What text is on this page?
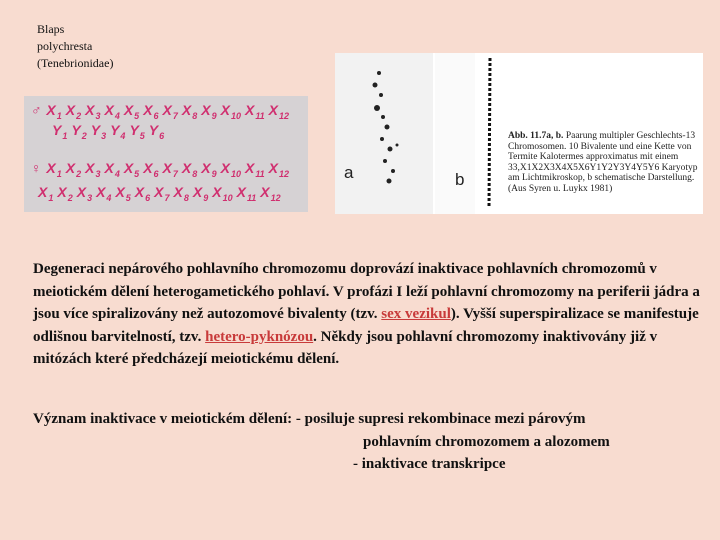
Blaps
polychresta
(Tenebrionidae)
♂ $X_1$ $X_2$ $X_3$ $X_4$ $X_5$ $X_6$ $X_7$ $X_8$ $X_9$ $X_{10}$ $X_{11}$ $X_{12}$
$Y_1$ $Y_2$ $Y_3$ $Y_4$ $Y_5$ $Y_6$
♀ $X_1$ $X_2$ $X_3$ $X_4$ $X_5$ $X_6$ $X_7$ $X_8$ $X_9$ $X_{10}$ $X_{11}$ $X_{12}$
$X_1$ $X_2$ $X_3$ $X_4$ $X_5$ $X_6$ $X_7$ $X_8$ $X_9$ $X_{10}$ $X_{11}$ $X_{12}$
a	b
Abb. 11.7a, b. Paarung multipler Geschlechts-13 Chromosomen. 10 Bivalente und eine Kette von Termite Kalotermes approximatus mit einem 33,X1X2X3X4X5X6Y1Y2Y3Y4Y5Y6 Karyotyp am Lichtmikroskop, b schematische Darstellung. (Aus Syren u. Luykx 1981)

Degeneraci nepárového pohlavního chromozomu doprovází inaktivace pohlavních chromozomů v meiotickém dělení heterogametického pohlaví. V profázi I leží pohlavní chromozomy na periferii jádra a jsou více spiralizovány než autozomové bivalenty (tzv. sex vezikul). Vyšší superspiralizace se manifestuje odlišnou barvitelností, tzv. hetero-pyknózou. Někdy jsou pohlavní chromozomy inaktivovány již v mitózách které předcházejí meiotickému dělení.

Význam inaktivace v meiotickém dělení: - posiluje supresi rekombinace mezi párovým
pohlavním chromozomem a alozomem
- inaktivace transkripce
